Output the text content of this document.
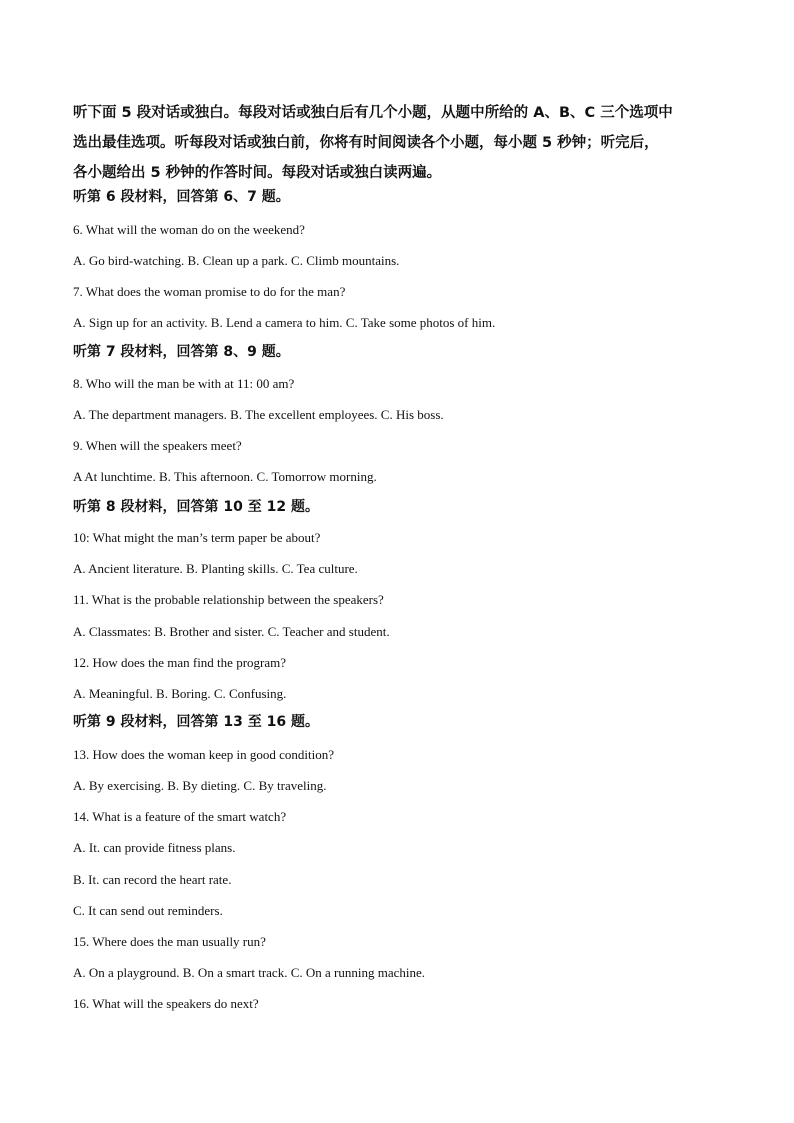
听下面 5 段对话或独白。每段对话或独白后有几个小题，从题中所给的 A、B、C 三个选项中

选出最佳选项。听每段对话或独白前，你将有时间阅读各个小题，每小题 5 秒钟；听完后，

各小题给出 5 秒钟的作答时间。每段对话或独白读两遍。

听第 6 段材料，回答第 6、7 题。
6. What will the woman do on the weekend?
A. Go bird-watching. B. Clean up a park. C. Climb mountains.
7. What does the woman promise to do for the man?
A. Sign up for an activity. B. Lend a camera to him. C. Take some photos of him.
听第 7 段材料，回答第 8、9 题。
8. Who will the man be with at 11: 00 am?
A. The department managers. B. The excellent employees. C. His boss.
9. When will the speakers meet?
A At lunchtime. B. This afternoon. C. Tomorrow morning.
听第 8 段材料，回答第 10 至 12 题。
10: What might the man’s term paper be about?
A. Ancient literature. B. Planting skills. C. Tea culture.
11. What is the probable relationship between the speakers?
A. Classmates: B. Brother and sister. C. Teacher and student.
12. How does the man find the program?
A. Meaningful. B. Boring. C. Confusing.
听第 9 段材料，回答第 13 至 16 题。
13. How does the woman keep in good condition?
A. By exercising. B. By dieting. C. By traveling.
14. What is a feature of the smart watch?
A. It. can provide fitness plans.
B. It. can record the heart rate.
C. It can send out reminders.
15. Where does the man usually run?
A. On a playground. B. On a smart track. C. On a running machine.
16. What will the speakers do next?
